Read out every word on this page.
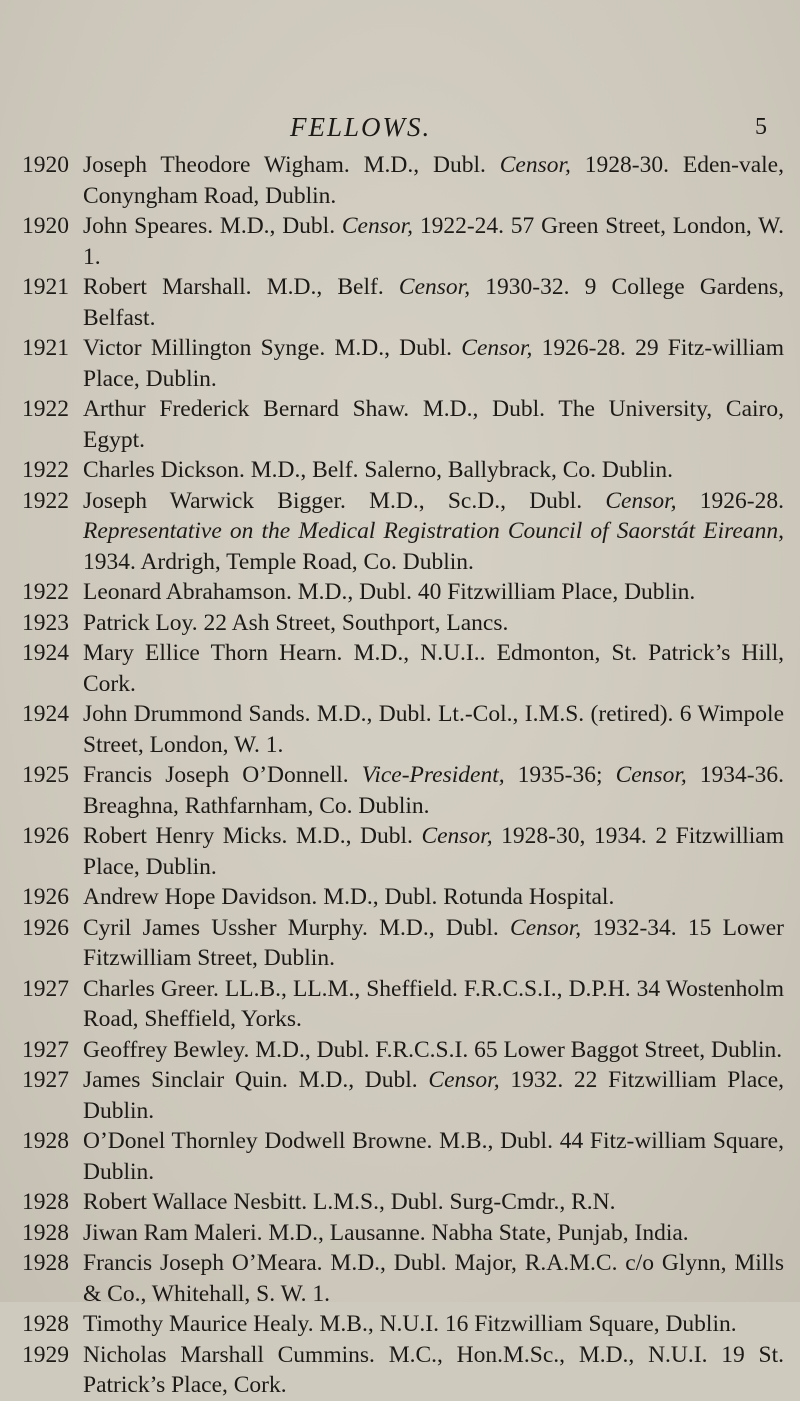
FELLOWS.	5
1920 Joseph Theodore Wigham. M.D., Dubl. Censor, 1928-30. Eden-vale, Conyngham Road, Dublin.
1920 John Speares. M.D., Dubl. Censor, 1922-24. 57 Green Street, London, W. 1.
1921 Robert Marshall. M.D., Belf. Censor, 1930-32. 9 College Gardens, Belfast.
1921 Victor Millington Synge. M.D., Dubl. Censor, 1926-28. 29 Fitz-william Place, Dublin.
1922 Arthur Frederick Bernard Shaw. M.D., Dubl. The University, Cairo, Egypt.
1922 Charles Dickson. M.D., Belf. Salerno, Ballybrack, Co. Dublin.
1922 Joseph Warwick Bigger. M.D., Sc.D., Dubl. Censor, 1926-28. Representative on the Medical Registration Council of Saorstát Eireann, 1934. Ardrigh, Temple Road, Co. Dublin.
1922 Leonard Abrahamson. M.D., Dubl. 40 Fitzwilliam Place, Dublin.
1923 Patrick Loy. 22 Ash Street, Southport, Lancs.
1924 Mary Ellice Thorn Hearn. M.D., N.U.I.. Edmonton, St. Patrick’s Hill, Cork.
1924 John Drummond Sands. M.D., Dubl. Lt.-Col., I.M.S. (retired). 6 Wimpole Street, London, W. 1.
1925 Francis Joseph O’Donnell. Vice-President, 1935-36; Censor, 1934-36. Breaghna, Rathfarnham, Co. Dublin.
1926 Robert Henry Micks. M.D., Dubl. Censor, 1928-30, 1934. 2 Fitzwilliam Place, Dublin.
1926 Andrew Hope Davidson. M.D., Dubl. Rotunda Hospital.
1926 Cyril James Ussher Murphy. M.D., Dubl. Censor, 1932-34. 15 Lower Fitzwilliam Street, Dublin.
1927 Charles Greer. LL.B., LL.M., Sheffield. F.R.C.S.I., D.P.H. 34 Wostenholm Road, Sheffield, Yorks.
1927 Geoffrey Bewley. M.D., Dubl. F.R.C.S.I. 65 Lower Baggot Street, Dublin.
1927 James Sinclair Quin. M.D., Dubl. Censor, 1932. 22 Fitzwilliam Place, Dublin.
1928 O’Donel Thornley Dodwell Browne. M.B., Dubl. 44 Fitz-william Square, Dublin.
1928 Robert Wallace Nesbitt. L.M.S., Dubl. Surg-Cmdr., R.N.
1928 Jiwan Ram Maleri. M.D., Lausanne. Nabha State, Punjab, India.
1928 Francis Joseph O’Meara. M.D., Dubl. Major, R.A.M.C. c/o Glynn, Mills & Co., Whitehall, S. W. 1.
1928 Timothy Maurice Healy. M.B., N.U.I. 16 Fitzwilliam Square, Dublin.
1929 Nicholas Marshall Cummins. M.C., Hon.M.Sc., M.D., N.U.I. 19 St. Patrick’s Place, Cork.
